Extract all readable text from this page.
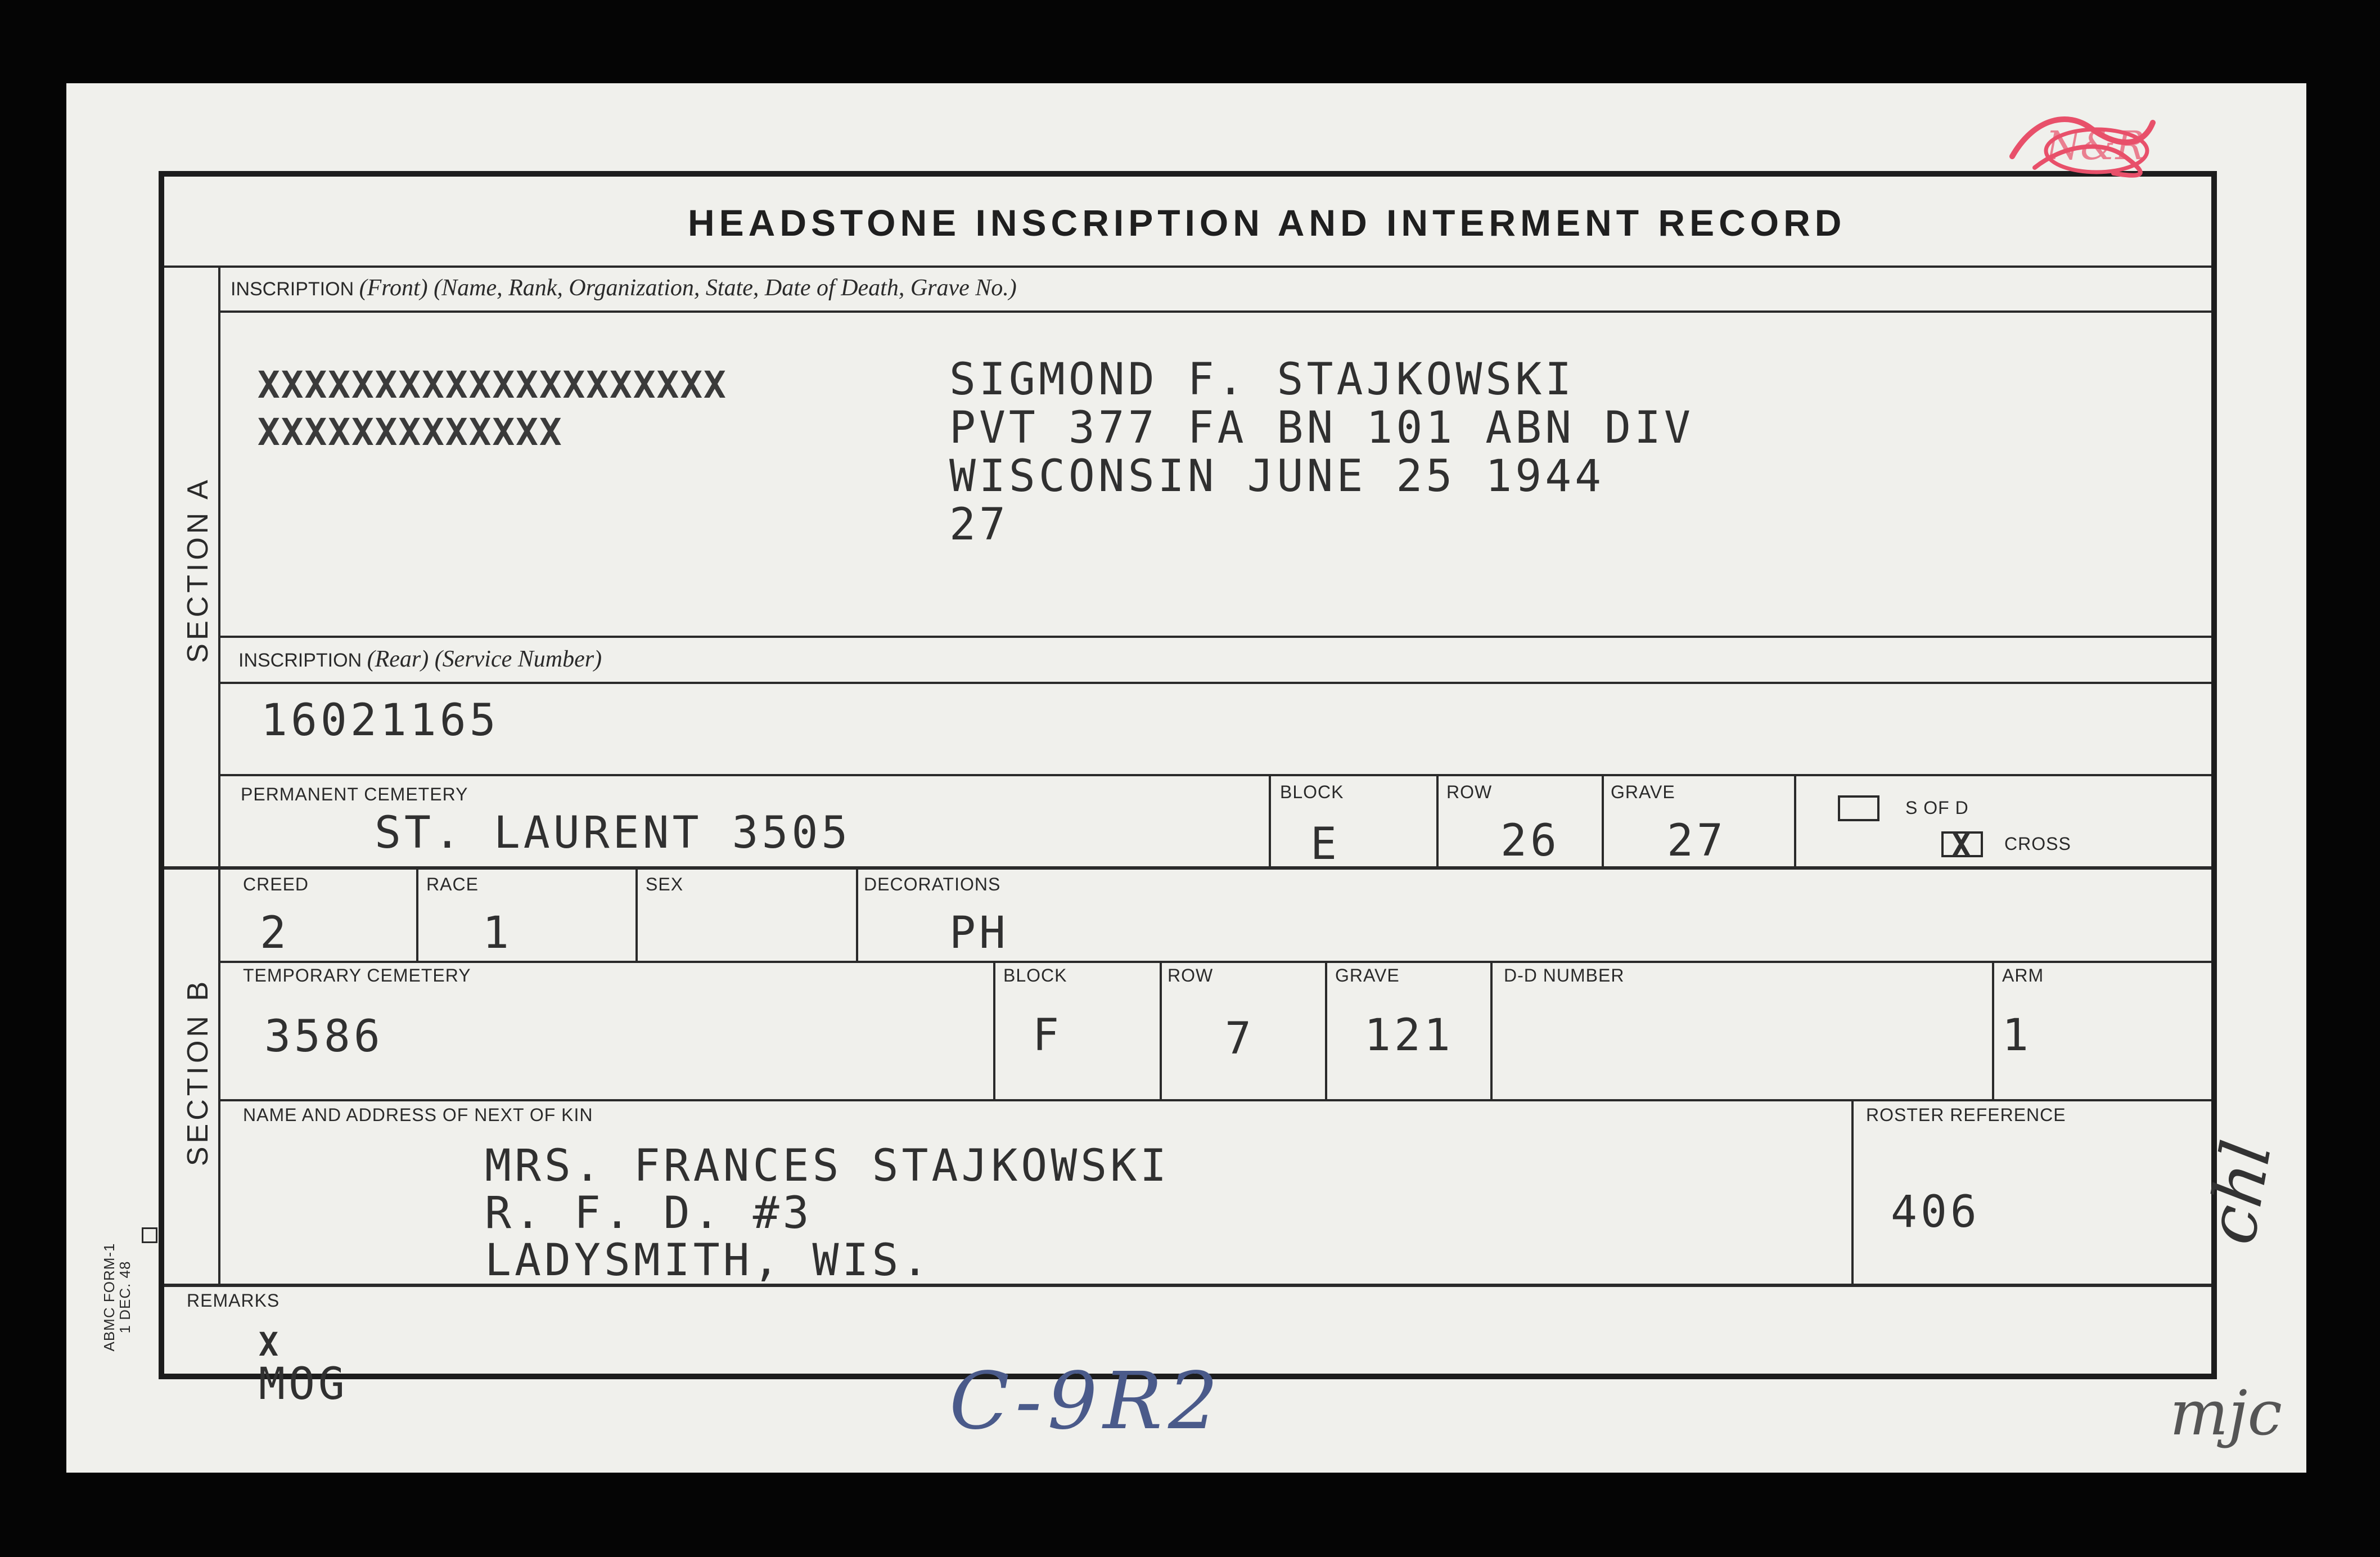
HEADSTONE INSCRIPTION AND INTERMENT RECORD
SECTION A
SECTION B
ABMC FORM-1
1 DEC. 48
INSCRIPTION (Front) (Name, Rank, Organization, State, Date of Death, Grave No.)
XXXXXXXXXXXXXXXXXXXX
XXXXXXXXXXXXX
SIGMOND F. STAJKOWSKI
PVT 377 FA BN 101 ABN DIV
WISCONSIN JUNE 25 1944
27
INSCRIPTION (Rear) (Service Number)
16021165
PERMANENT CEMETERY
ST. LAURENT 3505
BLOCK
E
ROW
26
GRAVE
27
S OF D
X CROSS
CREED
2
RACE
1
SEX	DECORATIONS
PH
TEMPORARY CEMETERY
3586
BLOCK
F
ROW
7
GRAVE
121
D-D NUMBER	ARM
1
NAME AND ADDRESS OF NEXT OF KIN
MRS. FRANCES STAJKOWSKI
R. F. D. #3
LADYSMITH, WIS.
ROSTER REFERENCE
406
REMARKS
X
MOG
N&R
C-9R2
chl
mjc
